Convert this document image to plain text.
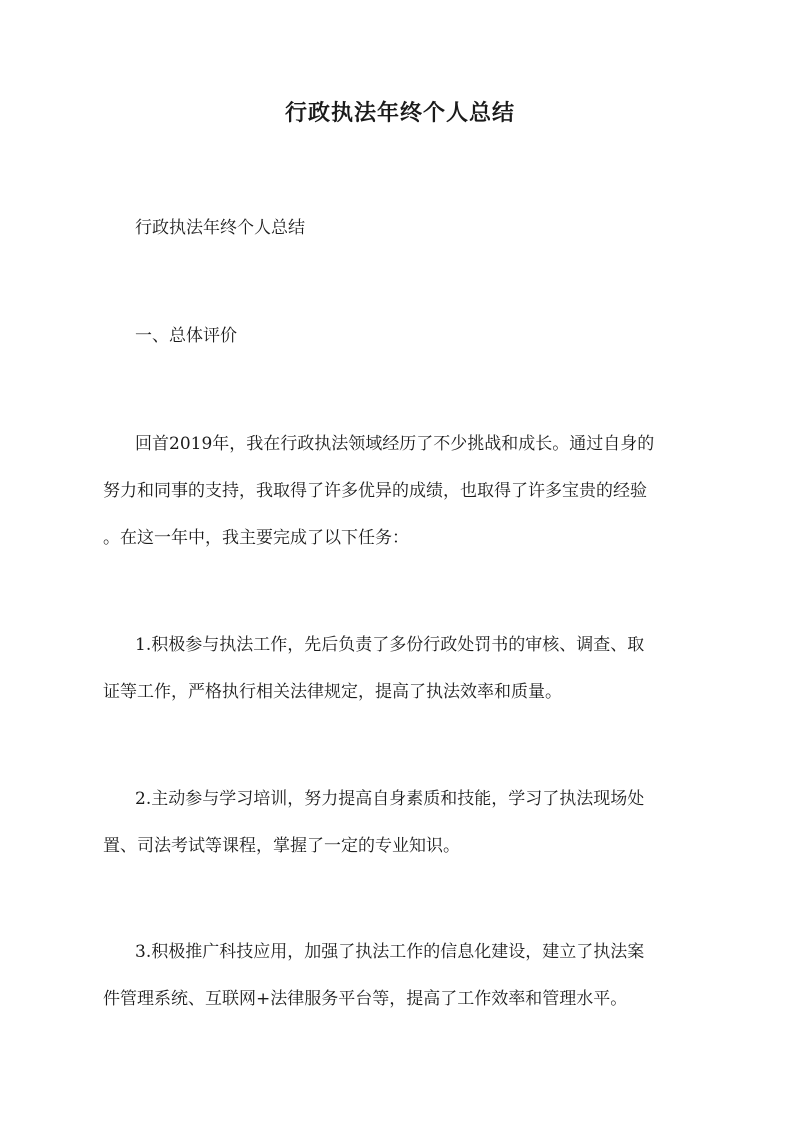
行政执法年终个人总结

行政执法年终个人总结

一、总体评价

回首2019年，我在行政执法领域经历了不少挑战和成长。通过自身的
努力和同事的支持，我取得了许多优异的成绩，也取得了许多宝贵的经验
。在这一年中，我主要完成了以下任务：

1.积极参与执法工作，先后负责了多份行政处罚书的审核、调查、取
证等工作，严格执行相关法律规定，提高了执法效率和质量。

2.主动参与学习培训，努力提高自身素质和技能，学习了执法现场处
置、司法考试等课程，掌握了一定的专业知识。

3.积极推广科技应用，加强了执法工作的信息化建设，建立了执法案
件管理系统、互联网+法律服务平台等，提高了工作效率和管理水平。
